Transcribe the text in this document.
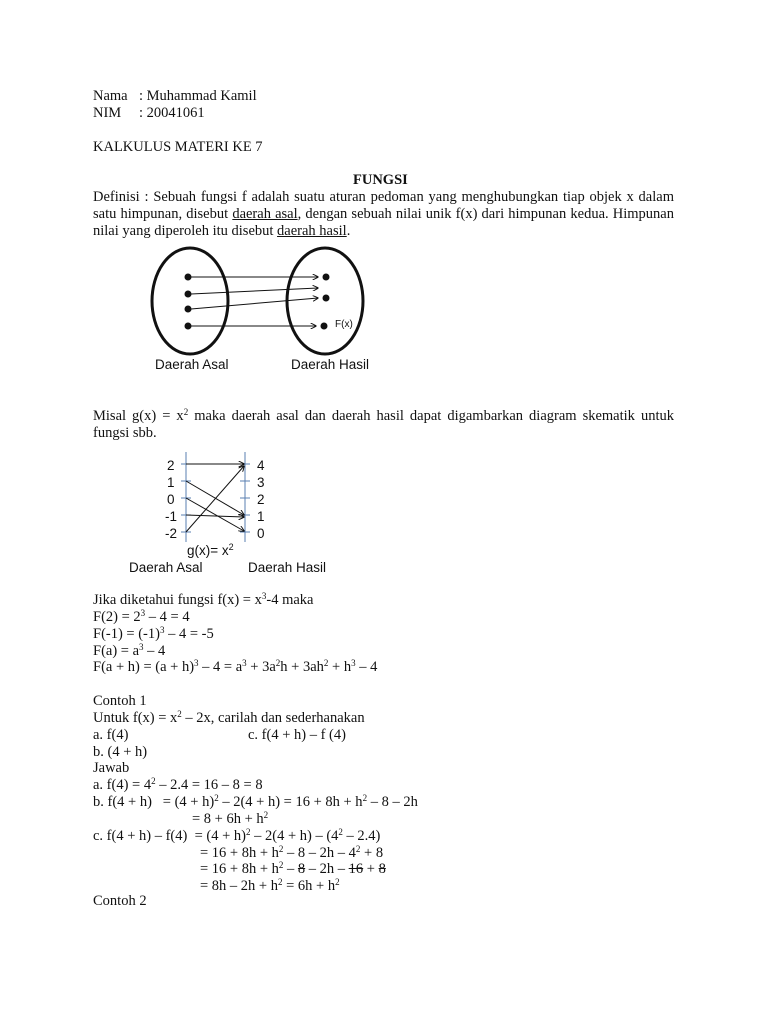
Nama : Muhammad Kamil
NIM : 20041061
KALKULUS MATERI KE 7
FUNGSI
Definisi : Sebuah fungsi f adalah suatu aturan pedoman yang menghubungkan tiap objek x dalam satu himpunan, disebut daerah asal, dengan sebuah nilai unik f(x) dari himpunan kedua. Himpunan nilai yang diperoleh itu disebut daerah hasil.
F(x)
Daerah Asal	Daerah Hasil
Misal $g(x) = x^2$ maka daerah asal dan daerah hasil dapat digambarkan diagram skematik untuk fungsi sbb.
2
1
0
-1
-2
4
3
2
1
0
$g(x)= x^2$
Daerah Asal	Daerah Hasil
Jika diketahui fungsi $f(x) = x^3-4$ maka
$F(2) = 2^3 - 4 = 4$
$F(-1) = (-1)^3 - 4 = -5$
$F(a) = a^3 - 4$
$F(a + h) = (a + h)^3 - 4 = a^3 + 3a^2h + 3ah^2 + h^3 - 4$
Contoh 1
Untuk $f(x) = x^2 - 2x$, carilah dan sederhanakan
a. f(4)	c. f(4 + h) – f (4)
b. (4 + h)
Jawab
a. $f(4) = 4^2 - 2.4 = 16 - 8 = 8$
b. $f(4 + h) = (4 + h)^2 - 2(4 + h) = 16 + 8h + h^2 - 8 - 2h$
= $8 + 6h + h^2$
c. $f(4 + h) - f(4) = (4 + h)^2 - 2(4 + h) - (4^2 - 2.4)$
= $16 + 8h + h^2 - 8 - 2h - 4^2 + 8$
= $16 + 8h + h^2 - 8 - 2h - 16 + 8$
= $8h - 2h + h^2 = 6h + h^2$
Contoh 2
